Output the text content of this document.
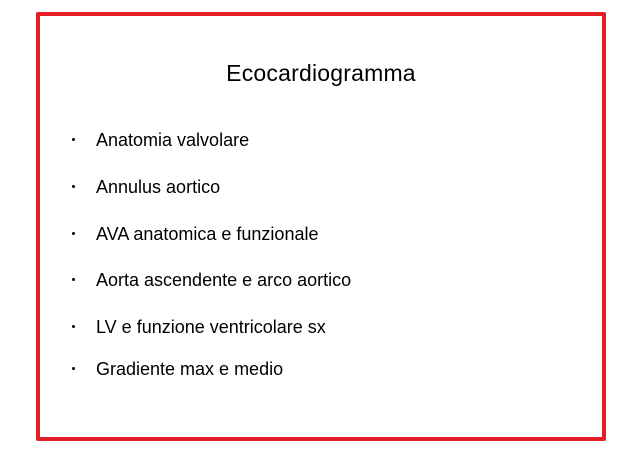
Ecocardiogramma
Anatomia valvolare
Annulus aortico
AVA anatomica e funzionale
Aorta ascendente e arco aortico
LV e funzione ventricolare sx
Gradiente max e medio
